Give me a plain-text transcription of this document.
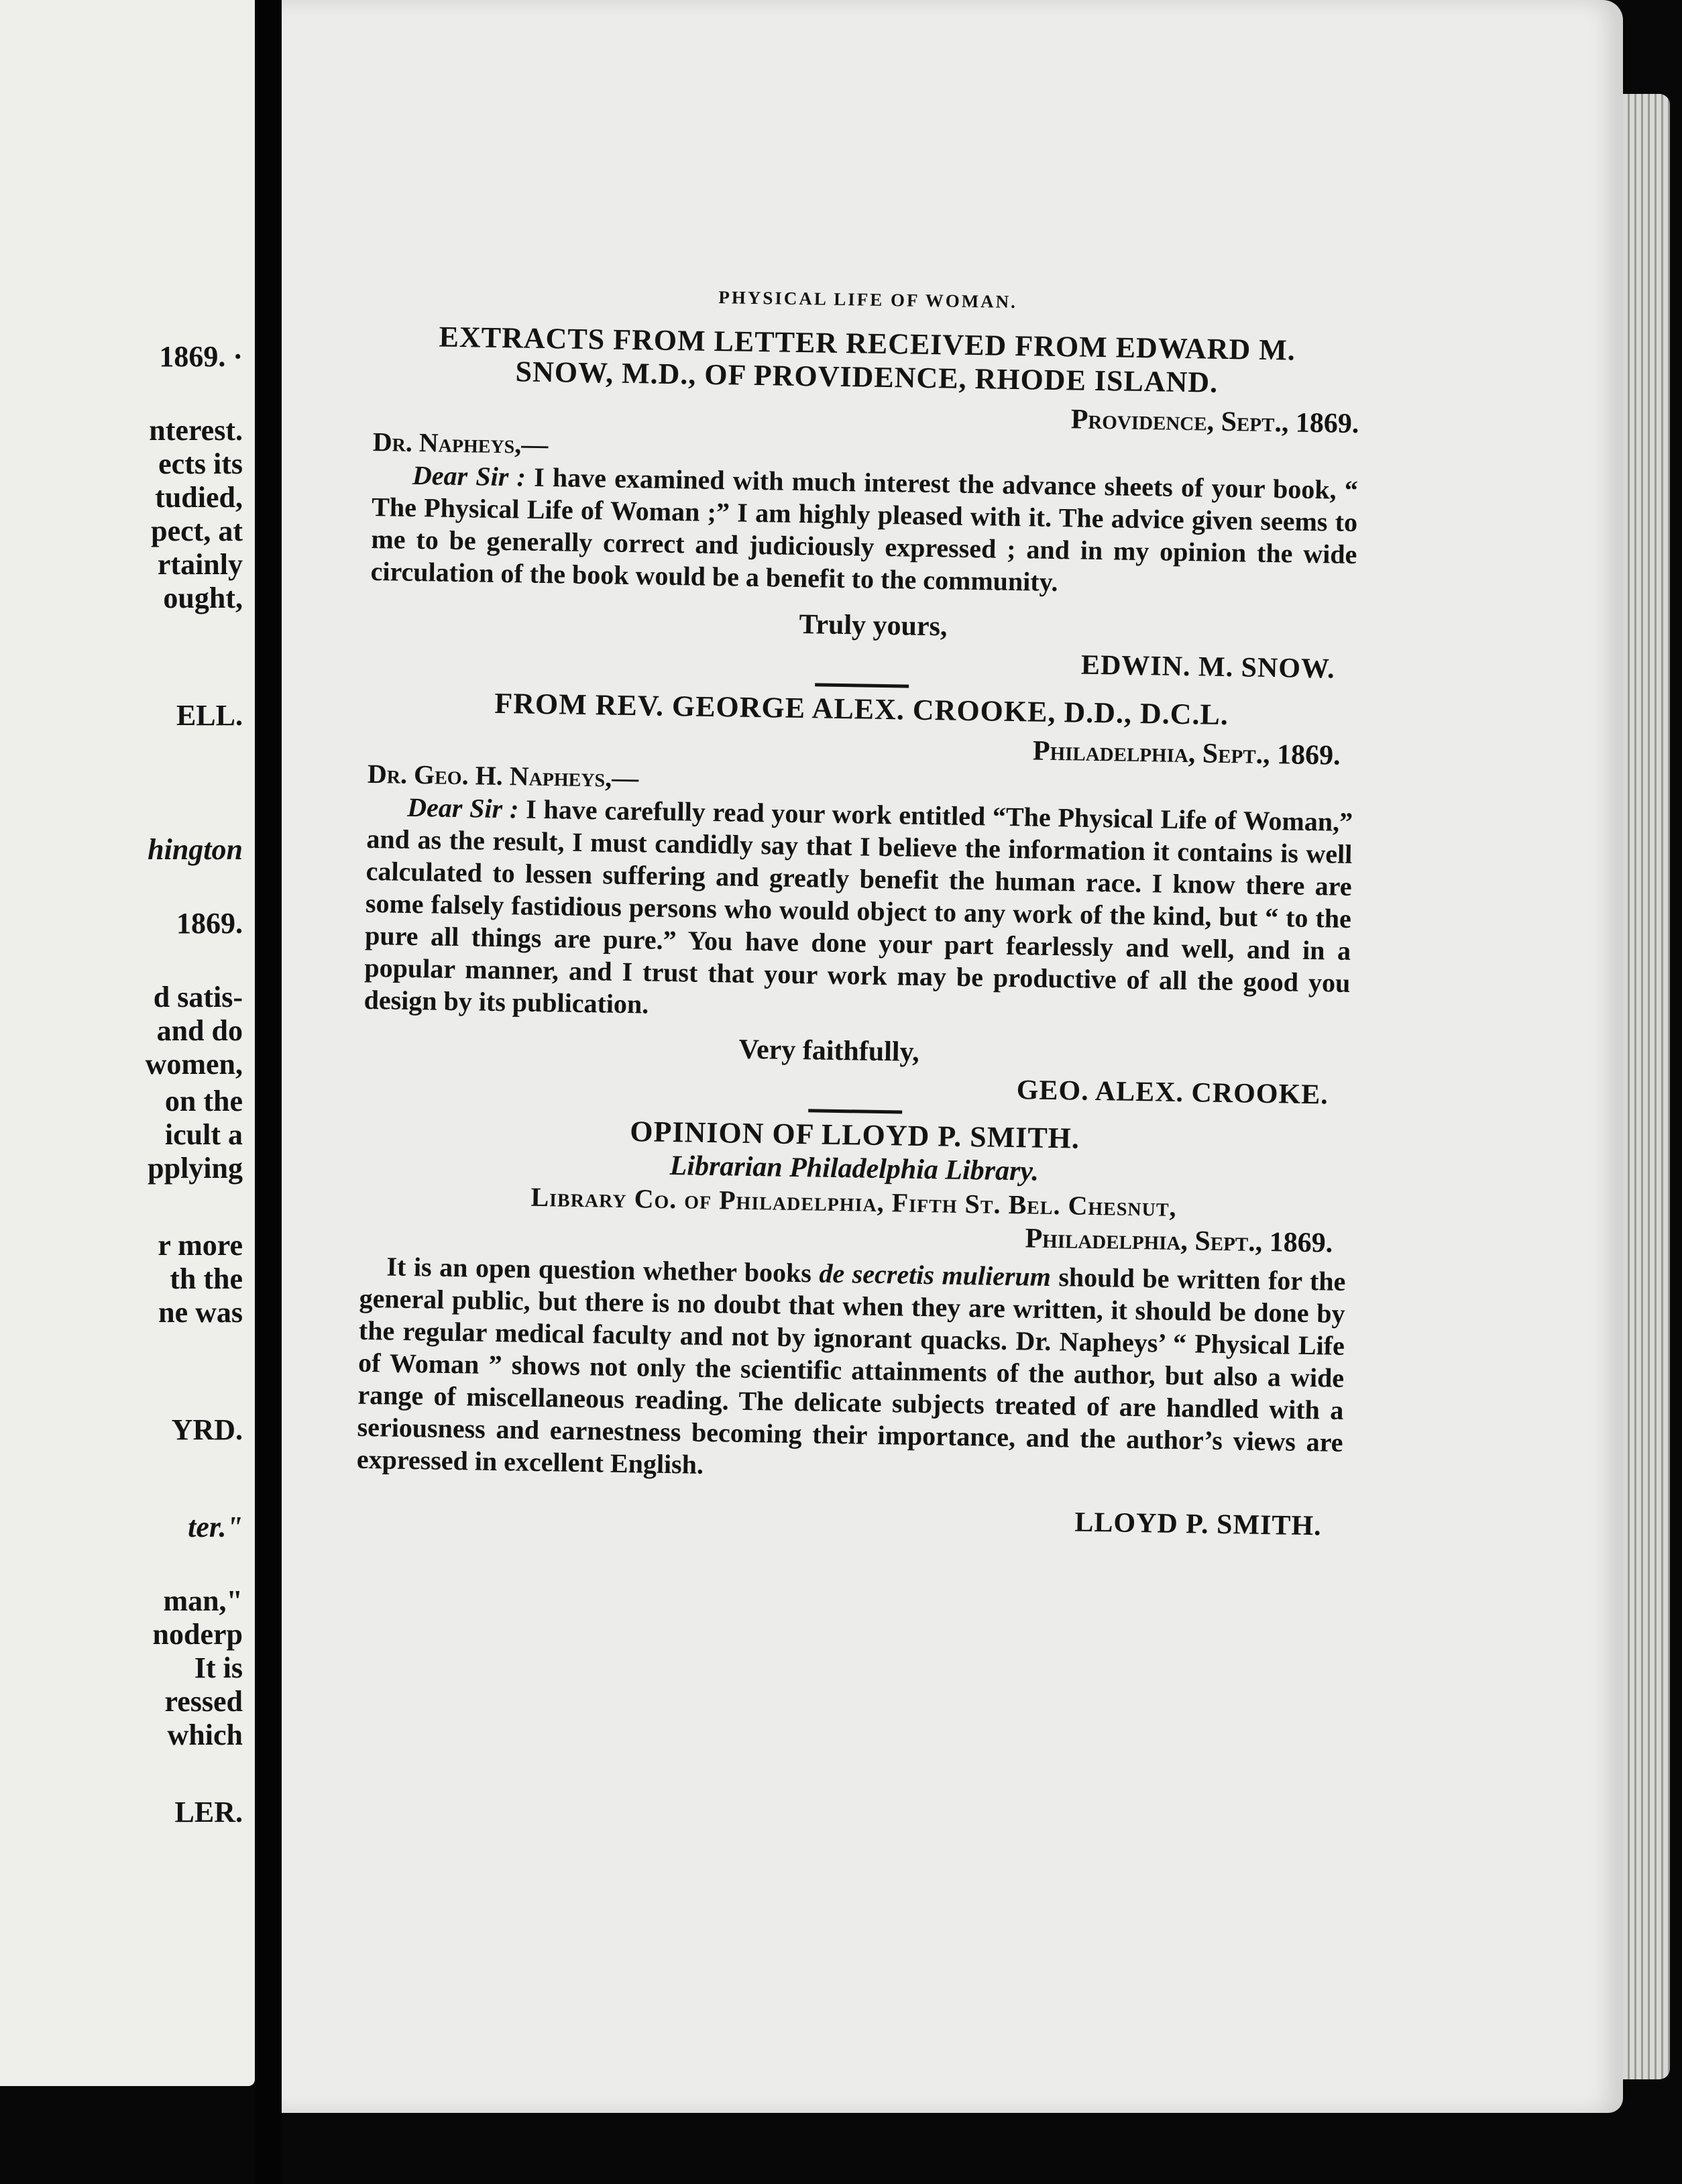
1869. ·
nterest.
ects its
tudied,
pect, at
rtainly
ought,
ELL.
hington
1869.
d satis-
and do
women,
on the
icult a
pplying
r more
th the
ne was
YRD.
ter."
man,"
noderp
It is
ressed
which
LER.
PHYSICAL LIFE OF WOMAN.

EXTRACTS FROM LETTER RECEIVED FROM EDWARD M.

SNOW, M.D., OF PROVIDENCE, RHODE ISLAND.

Providence, Sept., 1869.

Dr. Napheys,—

Dear Sir : I have examined with much interest the advance sheets of your book, “ The Physical Life of Woman ;” I am highly pleased with it. The advice given seems to me to be generally correct and judiciously expressed ; and in my opinion the wide circulation of the book would be a benefit to the community.

Truly yours,

EDWIN. M. SNOW.

FROM REV. GEORGE ALEX. CROOKE, D.D., D.C.L.

Philadelphia, Sept., 1869.

Dr. Geo. H. Napheys,—

Dear Sir : I have carefully read your work entitled “The Physical Life of Woman,” and as the result, I must candidly say that I believe the information it contains is well calculated to lessen suffering and greatly benefit the human race. I know there are some falsely fastidious persons who would object to any work of the kind, but “ to the pure all things are pure.” You have done your part fearlessly and well, and in a popular manner, and I trust that your work may be productive of all the good you design by its publication.

Very faithfully,

GEO. ALEX. CROOKE.

OPINION OF LLOYD P. SMITH.

Librarian Philadelphia Library.

Library Co. of Philadelphia, Fifth St. Bel. Chesnut,

Philadelphia, Sept., 1869.

It is an open question whether books de secretis mulierum should be written for the general public, but there is no doubt that when they are written, it should be done by the regular medical faculty and not by ignorant quacks. Dr. Napheys’ “ Physical Life of Woman ” shows not only the scientific attainments of the author, but also a wide range of miscellaneous reading. The delicate subjects treated of are handled with a seriousness and earnestness becoming their importance, and the author’s views are expressed in excellent English.

LLOYD P. SMITH.
